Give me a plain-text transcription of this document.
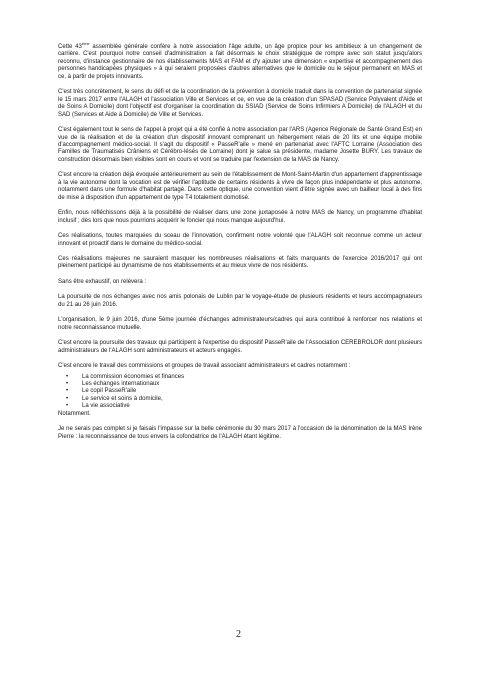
Cette 43ème assemblée générale confère à notre association l'âge adulte, un âge propice pour les ambitieux à un changement de carrière. C'est pourquoi notre conseil d'administration a fait désormais le choix stratégique de rompre avec son statut jusqu'alors reconnu, d'instance gestionnaire de nos établissements MAS et FAM et d'y ajouter une dimension « expertise et accompagnement des personnes handicapées physiques » à qui seraient proposées d'autres alternatives que le domicile ou le séjour permanent en MAS et ce, à partir de projets innovants.

C'est très concrètement, le sens du défi et de la coordination de la prévention à domicile traduit dans la convention de partenariat signée le 15 mars 2017 entre l'ALAGH et l'association Ville et Services et ce, en vue de la création d'un SPASAD (Service Polyvalent d'Aide et de Soins A Domicile) dont l'objectif est d'organiser la coordination du SSIAD (Service de Soins Infirmiers A Domicile) de l'ALAGH et du SAD (Services et Aide à Domicile) de Ville et Services.

C'est également tout le sens de l'appel à projet qui a été confié à notre association par l'ARS (Agence Régionale de Santé Grand Est) en vue de la réalisation et de la création d'un dispositif innovant comprenant un hébergement relais de 20 lits et une équipe mobile d'accompagnement médico-social. Il s'agit du dispositif « PasseR'aile » mené en partenariat avec l'AFTC Lorraine (Association des Familles de Traumatisés Crâniens et Cérébro-lésés de Lorraine) dont je salue sa présidente, madame Josette BURY. Les travaux de construction désormais bien visibles sont en cours et vont se traduire par l'extension de la MAS de Nancy.

C'est encore la création déjà évoquée antérieurement au sein de l'établissement de Mont-Saint-Martin d'un appartement d'apprentissage à la vie autonome dont la vocation est de vérifier l'aptitude de certains résidents à vivre de façon plus indépendante et plus autonome, notamment dans une formule d'habitat partagé. Dans cette optique, une convention vient d'être signée avec un bailleur local à des fins de mise à disposition d'un appartement de type T4 totalement domotisé.

Enfin, nous réfléchissons déjà à la possibilité de réaliser dans une zone juxtaposée à notre MAS de Nancy, un programme d'habitat inclusif ; dès lors que nous pourrions acquérir le foncier qui nous manque aujourd'hui.

Ces réalisations, toutes marquées du sceau de l'innovation, confirment notre volonté que l'ALAGH soit reconnue comme un acteur innovant et proactif dans le domaine du médico-social.

Ces réalisations majeures ne sauraient masquer les nombreuses réalisations et faits marquants de l'exercice 2016/2017 qui ont pleinement participé au dynamisme de nos établissements et au mieux vivre de nos résidents.

Sans être exhaustif, on relèvera :

La poursuite de nos échanges avec nos amis polonais de Lublin par le voyage-étude de plusieurs résidents et leurs accompagnateurs du 21 au 26 juin 2016.

L'organisation, le 9 juin 2016, d'une 5ème journée d'échanges administrateurs/cadres qui aura contribué à renforcer nos relations et notre reconnaissance mutuelle.

C'est encore la poursuite des travaux qui participent à l'expertise du dispositif PasseR'aile de l'Association CEREBROLOR dont plusieurs administrateurs de l'ALAGH sont administrateurs et acteurs engagés.

C'est encore le travail des commissions et groupes de travail associant administrateurs et cadres notamment :

• La commission économies et finances
• Les échanges internationaux
• Le copil PasseR'aile
• Le service et soins à domicile,
• La vie associative

Notamment.

Je ne serais pas complet si je faisais l'impasse sur la belle cérémonie du 30 mars 2017 à l'occasion de la dénomination de la MAS Irène Pierre : la reconnaissance de tous envers la cofondatrice de l'ALAGH étant légitime.

2
